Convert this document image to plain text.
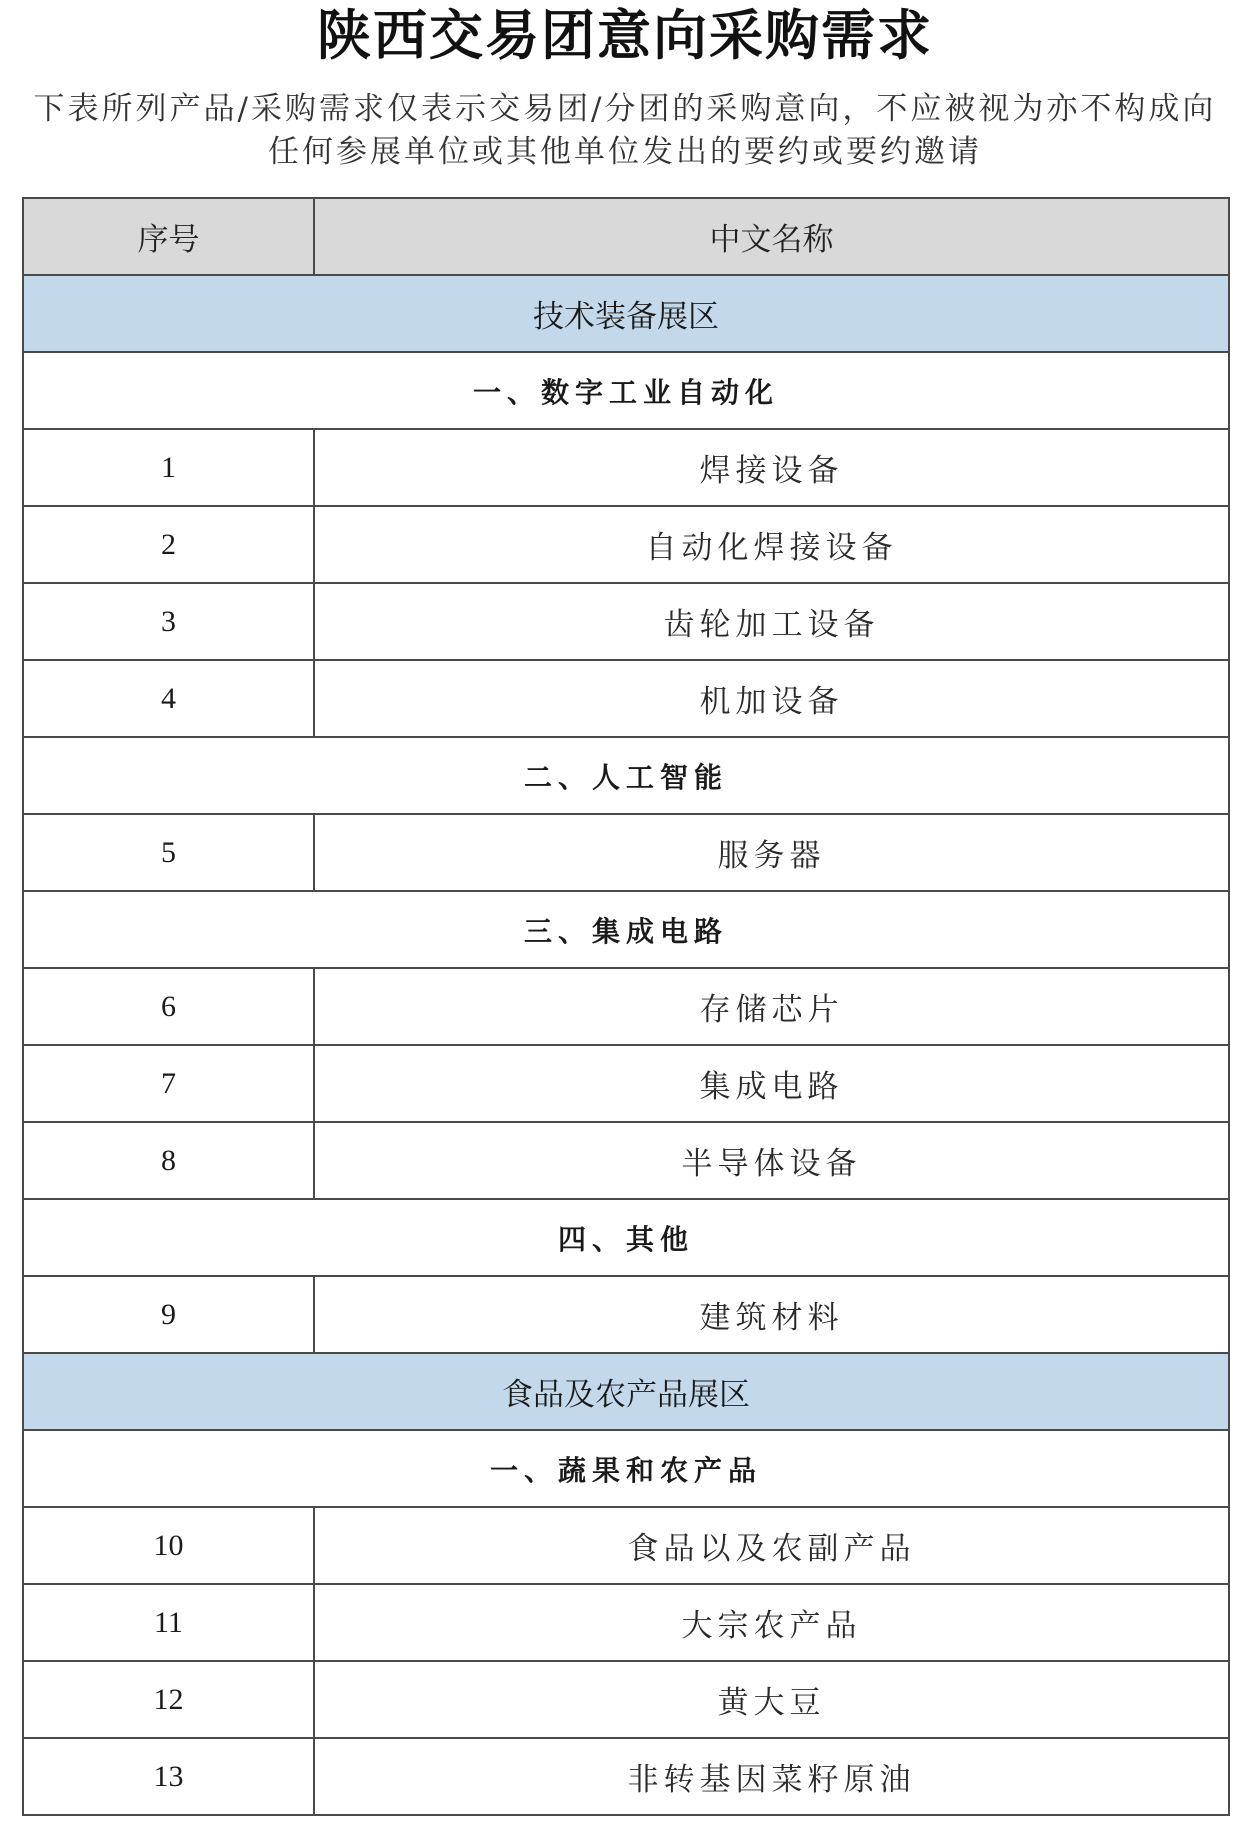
陕西交易团意向采购需求
下表所列产品/采购需求仅表示交易团/分团的采购意向，不应被视为亦不构成向
任何参展单位或其他单位发出的要约或要约邀请
序号	中文名称
技术装备展区	
一、数字工业自动化	
1	焊接设备
2	自动化焊接设备
3	齿轮加工设备
4	机加设备
二、人工智能	
5	服务器
三、集成电路	
6	存储芯片
7	集成电路
8	半导体设备
四、其他	
9	建筑材料
食品及农产品展区	
一、蔬果和农产品	
10	食品以及农副产品
11	大宗农产品
12	黄大豆
13	非转基因菜籽原油
